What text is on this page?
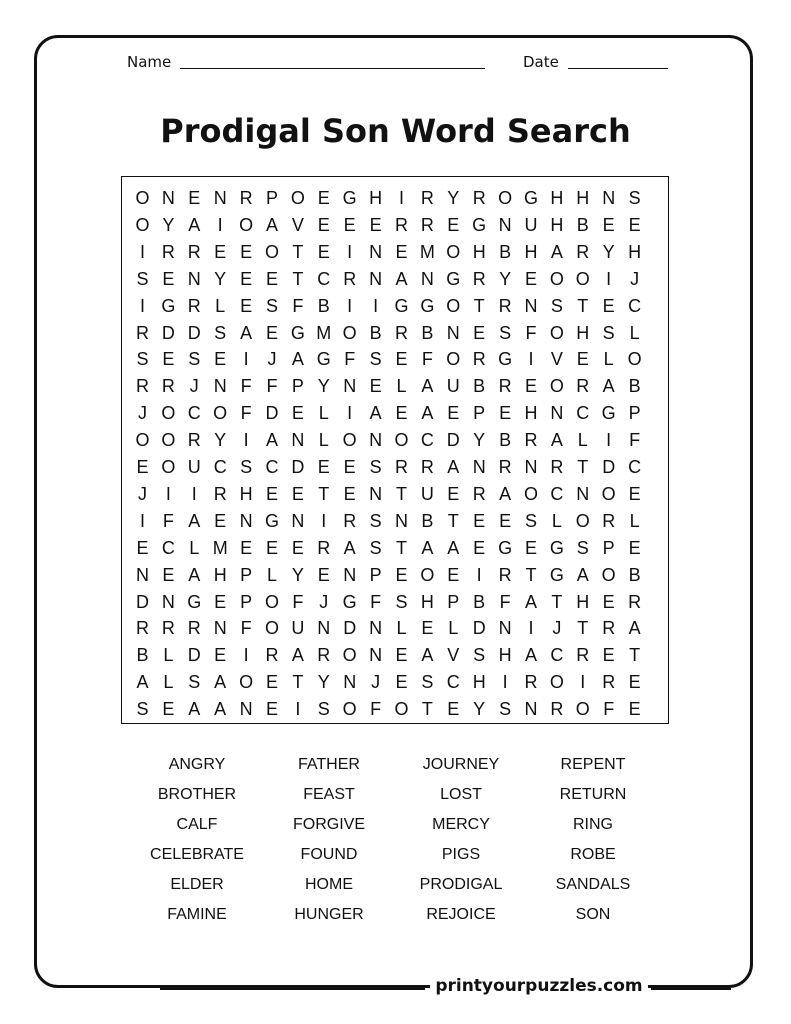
Name	Date
Prodigal Son Word Search
O N E N R P O E G H I R Y R O G H H N S
O Y A I O A V E E E R R E G N U H B E E
I R R E E O T E I N E M O H B H A R Y H
S E N Y E E T C R N A N G R Y E O O I	J
I G R L E S F B I	I G G O T R N S T E C
R D D S A E G M O B R B N E S F O H S L
S E S E I	J A G F S E F O R G I V E L O
R R J N F F P Y N E L A U B R E O R A B
J O C O F D E L	I A E A E P E H N C G P
O O R Y I A N L O N O C D Y B R A L	I F
E O U C S C D E E S R R A N R N R T D C
J	I	I R H E E T E N T U E R A O C N O E
I F A E N G N I R S N B T E E S L O R L
E C L M E E E R A S T A A E G E G S P E
N E A H P L Y E N P E O E I R T G A O B
D N G E P O F J G F S H P B F A T H E R
R R R N F O U N D N L E L D N I	J T R A
B L D E I R A R O N E A V S H A C R E T
A L S A O E T Y N J E S C H I R O I R E
S E A A N E I S O F O T E Y S N R O F E
ANGRY	FATHER	JOURNEY	REPENT
BROTHER	FEAST	LOST	RETURN
CALF	FORGIVE	MERCY	RING
CELEBRATE	FOUND	PIGS	ROBE
ELDER	HOME	PRODIGAL	SANDALS
FAMINE	HUNGER	REJOICE	SON
printyourpuzzles.com
